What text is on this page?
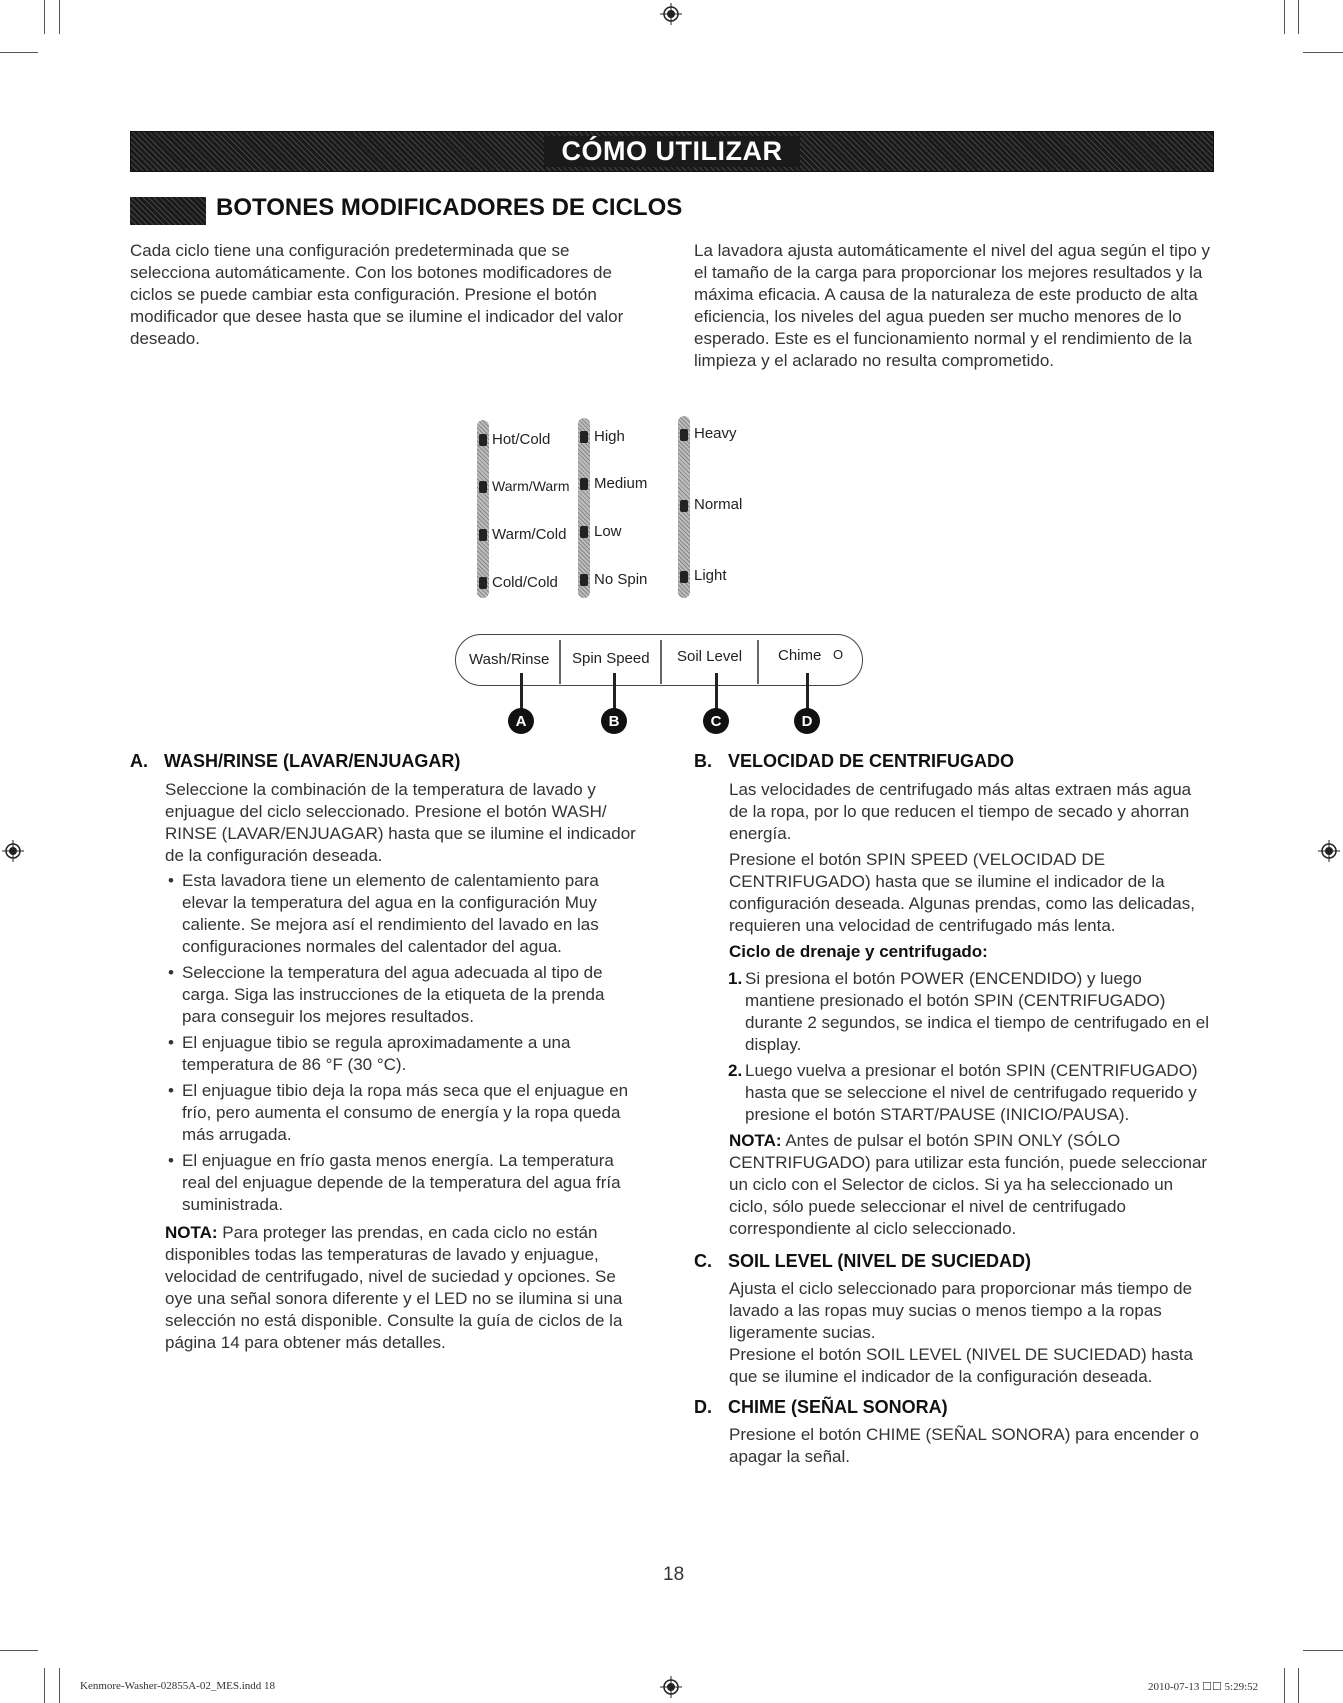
CÓMO UTILIZAR
BOTONES MODIFICADORES DE CICLOS

Cada ciclo tiene una configuración predeterminada que se selecciona automáticamente. Con los botones modificadores de ciclos se puede cambiar esta configuración. Presione el botón modificador que desee hasta que se ilumine el indicador del valor deseado.

La lavadora ajusta automáticamente el nivel del agua según el tipo y el tamaño de la carga para proporcionar los mejores resultados y la máxima eficacia. A causa de la naturaleza de este producto de alta eficiencia, los niveles del agua pueden ser mucho menores de lo esperado. Este es el funcionamiento normal y el rendimiento de la limpieza y el aclarado no resulta comprometido.

Hot/Cold
Warm/Warm
Warm/Cold
Cold/Cold
High
Medium
Low
No Spin
Heavy
Normal
Light
Wash/Rinse Spin Speed Soil Level Chime O
A	B	C	D
A. WASH/RINSE (LAVAR/ENJUAGAR)

Seleccione la combinación de la temperatura de lavado y enjuague del ciclo seleccionado. Presione el botón WASH/ RINSE (LAVAR/ENJUAGAR) hasta que se ilumine el indicador de la configuración deseada.

• Esta lavadora tiene un elemento de calentamiento para elevar la temperatura del agua en la configuración Muy caliente. Se mejora así el rendimiento del lavado en las configuraciones normales del calentador del agua.

• Seleccione la temperatura del agua adecuada al tipo de carga. Siga las instrucciones de la etiqueta de la prenda para conseguir los mejores resultados.

• El enjuague tibio se regula aproximadamente a una temperatura de 86 °F (30 °C).

• El enjuague tibio deja la ropa más seca que el enjuague en frío, pero aumenta el consumo de energía y la ropa queda más arrugada.

• El enjuague en frío gasta menos energía. La temperatura real del enjuague depende de la temperatura del agua fría suministrada.

NOTA: Para proteger las prendas, en cada ciclo no están disponibles todas las temperaturas de lavado y enjuague, velocidad de centrifugado, nivel de suciedad y opciones. Se oye una señal sonora diferente y el LED no se ilumina si una selección no está disponible. Consulte la guía de ciclos de la página 14 para obtener más detalles.

B. VELOCIDAD DE CENTRIFUGADO

Las velocidades de centrifugado más altas extraen más agua de la ropa, por lo que reducen el tiempo de secado y ahorran energía.

Presione el botón SPIN SPEED (VELOCIDAD DE CENTRIFUGADO) hasta que se ilumine el indicador de la configuración deseada. Algunas prendas, como las delicadas, requieren una velocidad de centrifugado más lenta.

Ciclo de drenaje y centrifugado:

1. Si presiona el botón POWER (ENCENDIDO) y luego mantiene presionado el botón SPIN (CENTRIFUGADO) durante 2 segundos, se indica el tiempo de centrifugado en el display.

2. Luego vuelva a presionar el botón SPIN (CENTRIFUGADO) hasta que se seleccione el nivel de centrifugado requerido y presione el botón START/PAUSE (INICIO/PAUSA).

NOTA: Antes de pulsar el botón SPIN ONLY (SÓLO CENTRIFUGADO) para utilizar esta función, puede seleccionar un ciclo con el Selector de ciclos. Si ya ha seleccionado un ciclo, sólo puede seleccionar el nivel de centrifugado correspondiente al ciclo seleccionado.

C. SOIL LEVEL (NIVEL DE SUCIEDAD)

Ajusta el ciclo seleccionado para proporcionar más tiempo de lavado a las ropas muy sucias o menos tiempo a la ropas ligeramente sucias.

Presione el botón SOIL LEVEL (NIVEL DE SUCIEDAD) hasta que se ilumine el indicador de la configuración deseada.

D. CHIME (SEÑAL SONORA)

Presione el botón CHIME (SEÑAL SONORA) para encender o apagar la señal.

18
Kenmore-Washer-02855A-02_MES.indd 18	2010-07-13 ☐☐ 5:29:52
